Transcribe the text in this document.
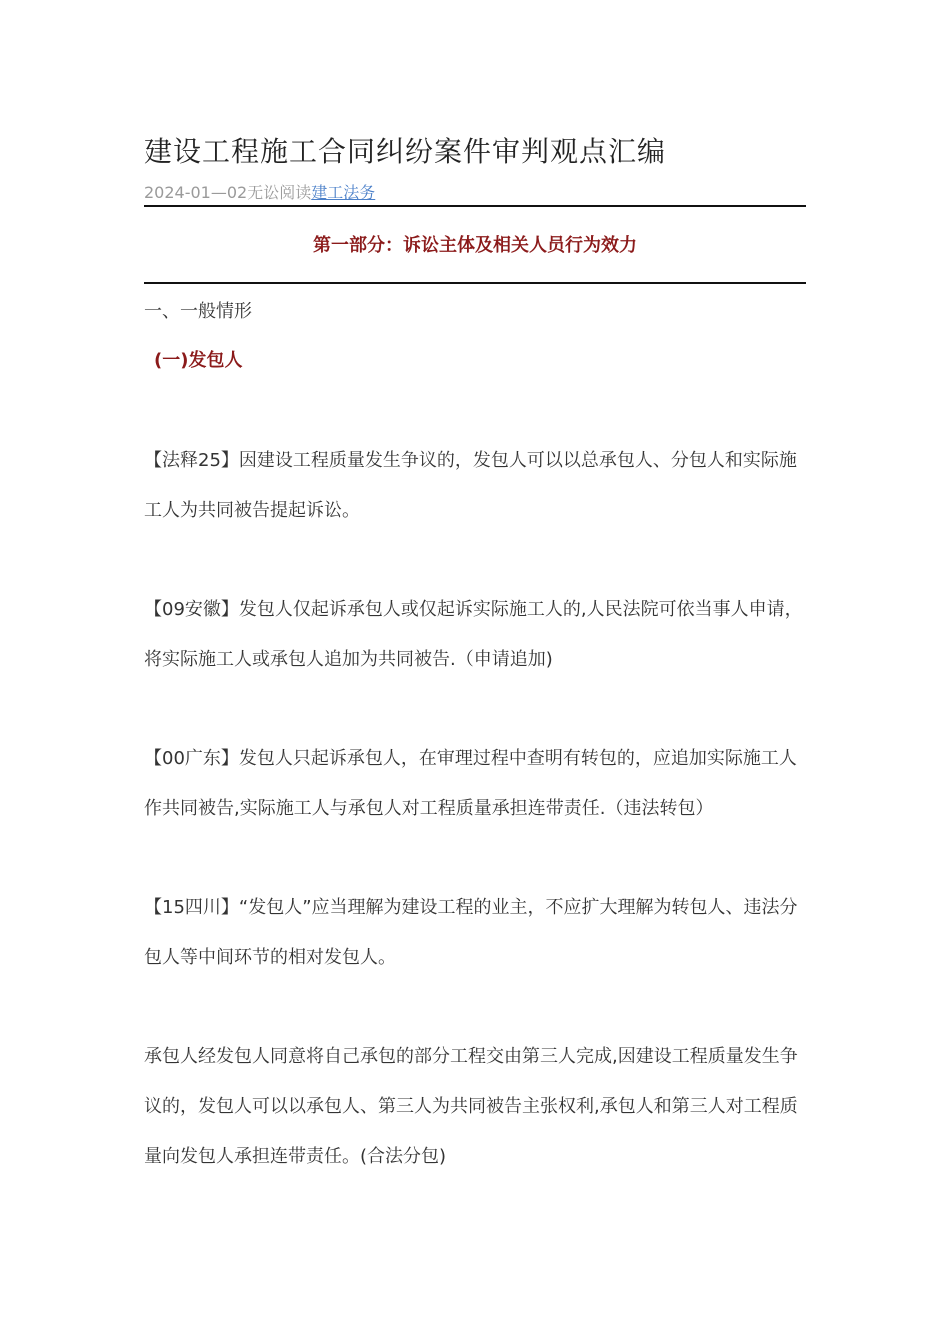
建设工程施工合同纠纷案件审判观点汇编
2024-01—02无讼阅读建工法务
第一部分：诉讼主体及相关人员行为效力
一、一般情形
(一)发包人

【法释25】因建设工程质量发生争议的，发包人可以以总承包人、分包人和实际施工人为共同被告提起诉讼。

【09安徽】发包人仅起诉承包人或仅起诉实际施工人的,人民法院可依当事人申请，将实际施工人或承包人追加为共同被告.（申请追加)

【00广东】发包人只起诉承包人，在审理过程中查明有转包的，应追加实际施工人作共同被告,实际施工人与承包人对工程质量承担连带责任.（违法转包）

【15四川】“发包人”应当理解为建设工程的业主，不应扩大理解为转包人、违法分包人等中间环节的相对发包人。

承包人经发包人同意将自己承包的部分工程交由第三人完成,因建设工程质量发生争议的，发包人可以以承包人、第三人为共同被告主张权利,承包人和第三人对工程质量向发包人承担连带责任。(合法分包)
